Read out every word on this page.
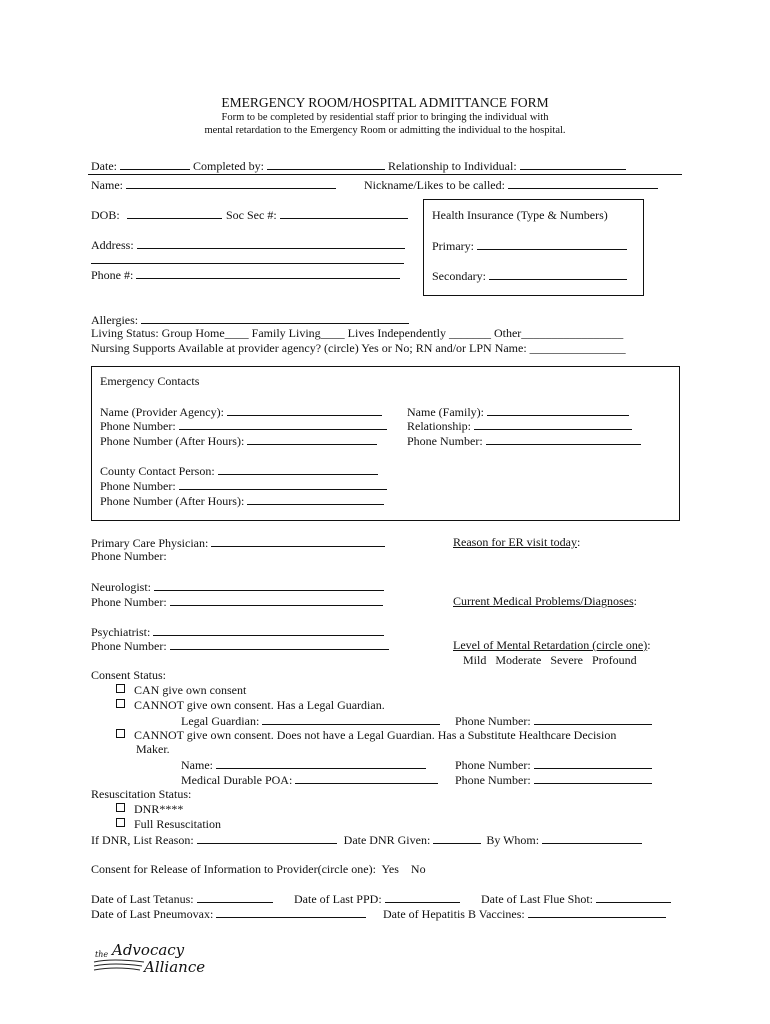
EMERGENCY ROOM/HOSPITAL ADMITTANCE FORM
Form to be completed by residential staff prior to bringing the individual with
mental retardation to the Emergency Room or admitting the individual to the hospital.
Date:	Completed by:	Relationship to Individual:
Name:	Nickname/Likes to be called:
DOB:	Soc Sec #:
Address:
Phone #:
Health Insurance (Type & Numbers)
Primary:
Secondary:
Allergies:
Living Status: Group Home____ Family Living____ Lives Independently _______ Other_________________
Nursing Supports Available at provider agency? (circle) Yes or No; RN and/or LPN Name: ________________
Emergency Contacts
Name (Provider Agency):
Phone Number:
Phone Number (After Hours):
Name (Family):
Relationship:
Phone Number:
County Contact Person:
Phone Number:
Phone Number (After Hours):
Primary Care Physician:
Phone Number:
Neurologist:
Phone Number:
Psychiatrist:
Phone Number:
Reason for ER visit today:
Current Medical Problems/Diagnoses:
Level of Mental Retardation (circle one):
Mild   Moderate   Severe   Profound
Consent Status:
CAN give own consent
CANNOT give own consent. Has a Legal Guardian.
Legal Guardian:	Phone Number:
CANNOT give own consent. Does not have a Legal Guardian. Has a Substitute Healthcare Decision
Maker.
Name:	Phone Number:
Medical Durable POA:	Phone Number:
Resuscitation Status:
DNR****
Full Resuscitation
If DNR, List Reason:	Date DNR Given:	By Whom:
Consent for Release of Information to Provider(circle one):  Yes    No
Date of Last Tetanus:	Date of Last PPD:	Date of Last Flue Shot:
Date of Last Pneumovax:	Date of Hepatitis B Vaccines:
the Advocacy
Alliance
